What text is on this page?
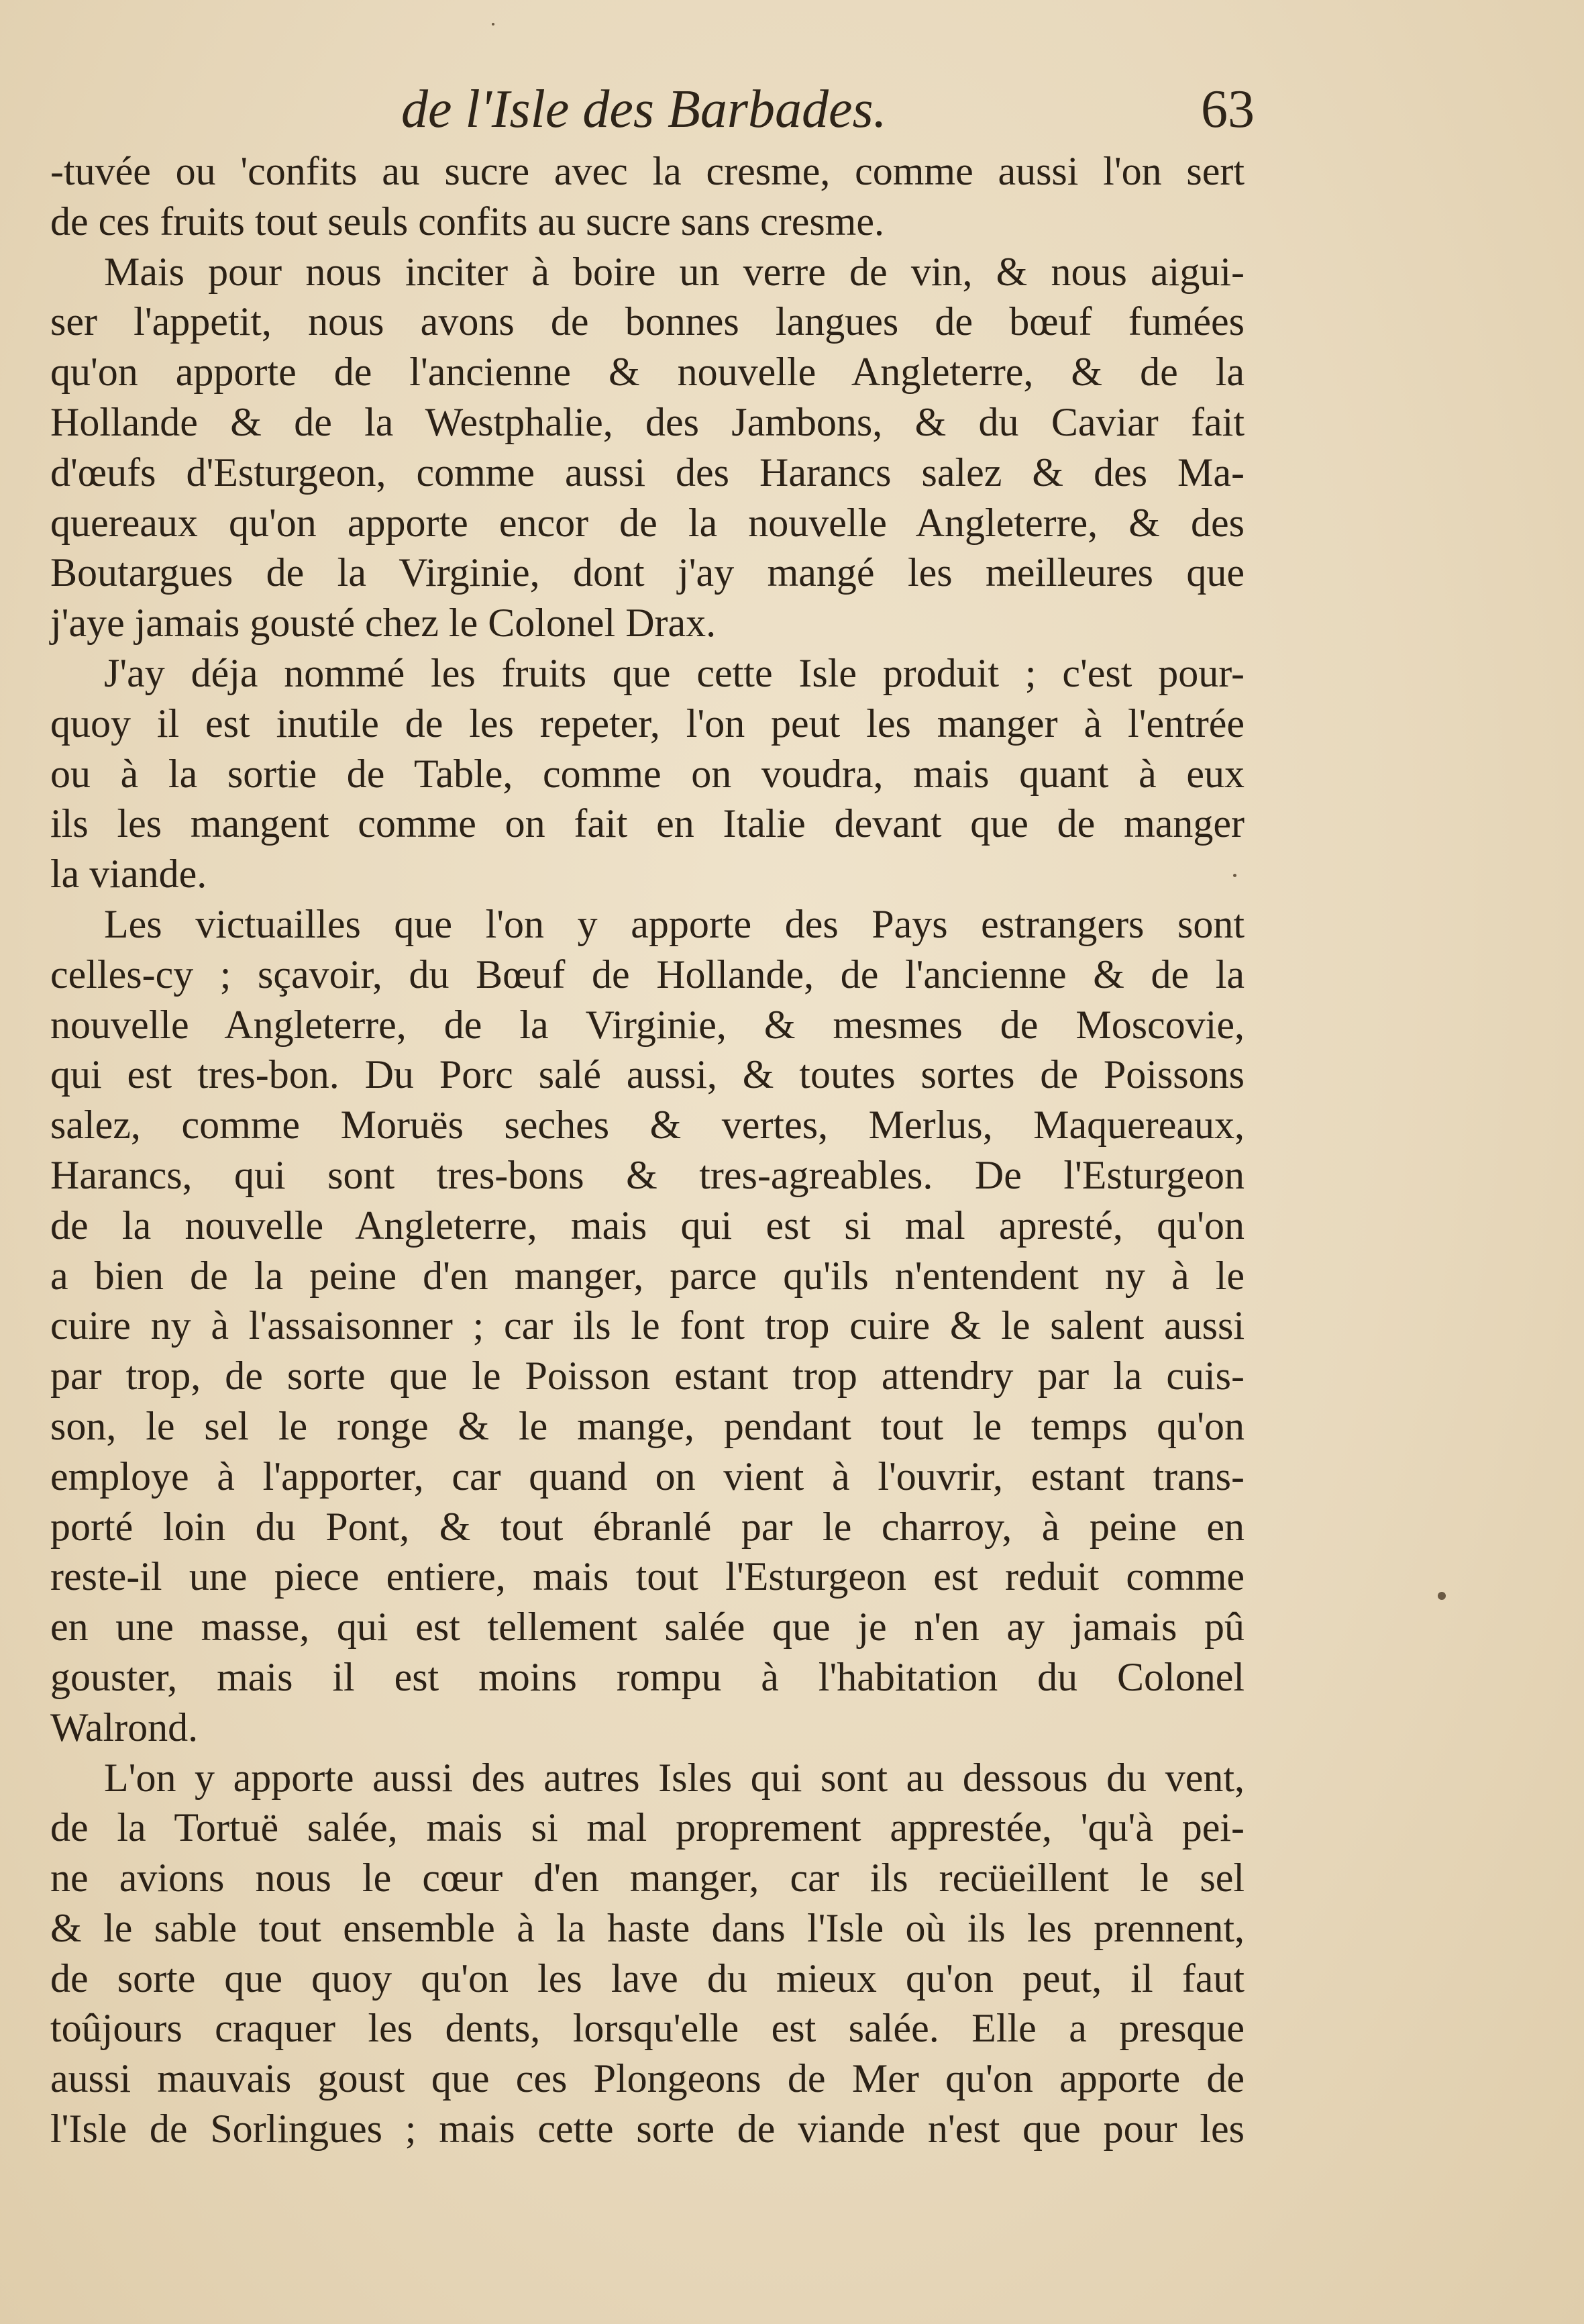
de l'Isle des Barbades.	63
-tuvée ou 'confits au sucre avec la cresme, comme aussi l'on sert
de ces fruits tout seuls confits au sucre sans cresme.
Mais pour nous inciter à boire un verre de vin, & nous aigui-
ser l'appetit, nous avons de bonnes langues de bœuf fumées
qu'on apporte de l'ancienne & nouvelle Angleterre, & de la
Hollande & de la Westphalie, des Jambons, & du Caviar fait
d'œufs d'Esturgeon, comme aussi des Harancs salez & des Ma-
quereaux qu'on apporte encor de la nouvelle Angleterre, & des
Boutargues de la Virginie, dont j'ay mangé les meilleures que
j'aye jamais gousté chez le Colonel Drax.
J'ay déja nommé les fruits que cette Isle produit ; c'est pour-
quoy il est inutile de les repeter, l'on peut les manger à l'entrée
ou à la sortie de Table, comme on voudra, mais quant à eux
ils les mangent comme on fait en Italie devant que de manger
la viande.
Les victuailles que l'on y apporte des Pays estrangers sont
celles-cy ; sçavoir, du Bœuf de Hollande, de l'ancienne & de la
nouvelle Angleterre, de la Virginie, & mesmes de Moscovie,
qui est tres-bon. Du Porc salé aussi, & toutes sortes de Poissons
salez, comme Moruës seches & vertes, Merlus, Maquereaux,
Harancs, qui sont tres-bons & tres-agreables. De l'Esturgeon
de la nouvelle Angleterre, mais qui est si mal apresté, qu'on
a bien de la peine d'en manger, parce qu'ils n'entendent ny à le
cuire ny à l'assaisonner ; car ils le font trop cuire & le salent aussi
par trop, de sorte que le Poisson estant trop attendry par la cuis-
son, le sel le ronge & le mange, pendant tout le temps qu'on
employe à l'apporter, car quand on vient à l'ouvrir, estant trans-
porté loin du Pont, & tout ébranlé par le charroy, à peine en
reste-il une piece entiere, mais tout l'Esturgeon est reduit comme
en une masse, qui est tellement salée que je n'en ay jamais pû
gouster, mais il est moins rompu à l'habitation du Colonel
Walrond.
L'on y apporte aussi des autres Isles qui sont au dessous du vent,
de la Tortuë salée, mais si mal proprement apprestée, 'qu'à pei-
ne avions nous le cœur d'en manger, car ils recüeillent le sel
& le sable tout ensemble à la haste dans l'Isle où ils les prennent,
de sorte que quoy qu'on les lave du mieux qu'on peut, il faut
toûjours craquer les dents, lorsqu'elle est salée. Elle a presque
aussi mauvais goust que ces Plongeons de Mer qu'on apporte de
l'Isle de Sorlingues ; mais cette sorte de viande n'est que pour les
